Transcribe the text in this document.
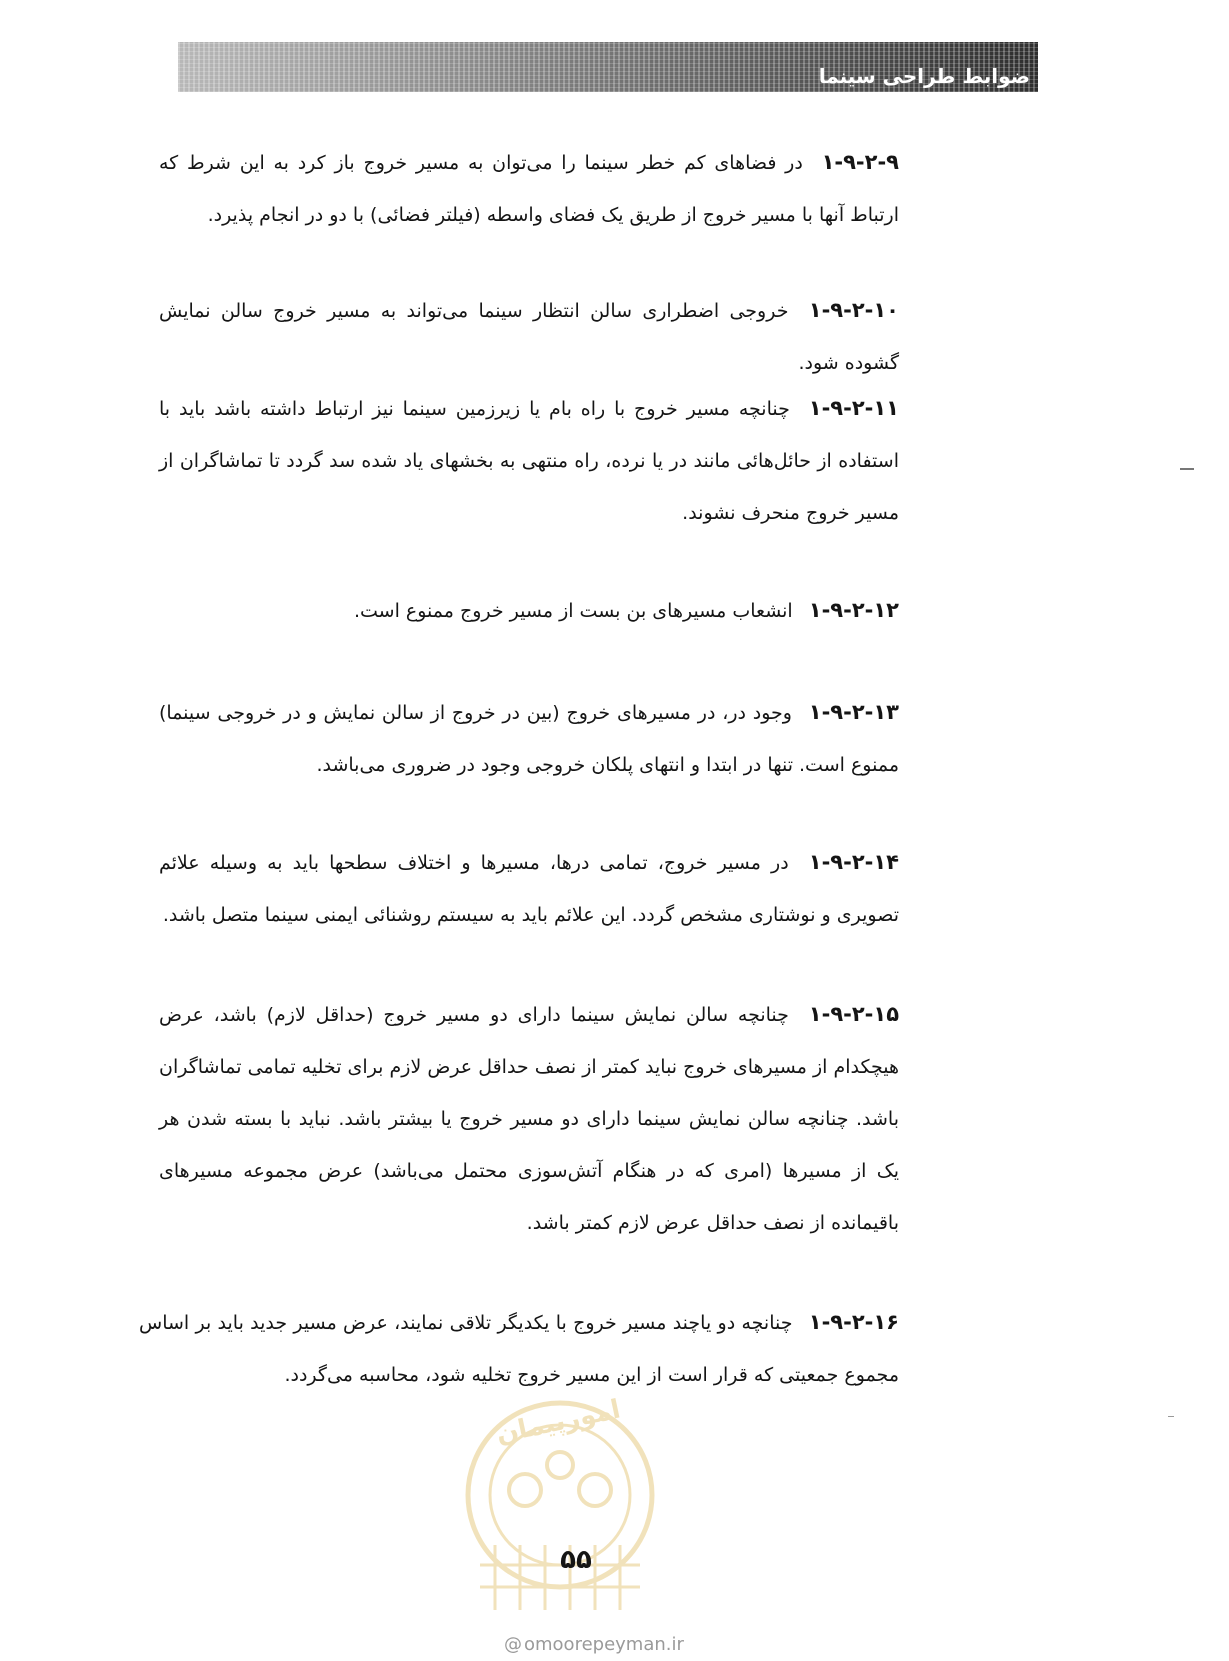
ضوابط طراحی سینما
۱-۹-۲-۹ در فضاهای کم خطر سینما را می‌توان به مسیر خروج باز کرد به این شرط که ارتباط آنها با مسیر خروج از طریق یک فضای واسطه (فیلتر فضائی) با دو در انجام پذیرد.
۱-۹-۲-۱۰ خروجی اضطراری سالن انتظار سینما می‌تواند به مسیر خروج سالن نمایش گشوده شود.
۱-۹-۲-۱۱ چنانچه مسیر خروج با راه بام یا زیرزمین سینما نیز ارتباط داشته باشد باید با استفاده از حائل‌هائی مانند در یا نرده، راه منتهی به بخشهای یاد شده سد گردد تا تماشاگران از مسیر خروج منحرف نشوند.
۱-۹-۲-۱۲ انشعاب مسیرهای بن بست از مسیر خروج ممنوع است.
۱-۹-۲-۱۳ وجود در، در مسیرهای خروج (بین در خروج از سالن نمایش و در خروجی سینما) ممنوع است. تنها در ابتدا و انتهای پلکان خروجی وجود در ضروری می‌باشد.
۱-۹-۲-۱۴ در مسیر خروج، تمامی درها، مسیرها و اختلاف سطحها باید به وسیله علائم تصویری و نوشتاری مشخص گردد. این علائم باید به سیستم روشنائی ایمنی سینما متصل باشد.
۱-۹-۲-۱۵ چنانچه سالن نمایش سینما دارای دو مسیر خروج (حداقل لازم) باشد، عرض هیچکدام از مسیرهای خروج نباید کمتر از نصف حداقل عرض لازم برای تخلیه تمامی تماشاگران باشد. چنانچه سالن نمایش سینما دارای دو مسیر خروج یا بیشتر باشد. نباید با بسته شدن هر یک از مسیرها (امری که در هنگام آتش‌سوزی محتمل می‌باشد) عرض مجموعه مسیرهای باقیمانده از نصف حداقل عرض لازم کمتر باشد.
۱-۹-۲-۱۶ چنانچه دو یاچند مسیر خروج با یکدیگر تلاقی نمایند، عرض مسیر جدید باید بر اساس مجموع جمعیتی که قرار است از این مسیر خروج تخلیه شود، محاسبه می‌گردد.
امورپیمان
۵۵
@ omoorepeyman.ir
